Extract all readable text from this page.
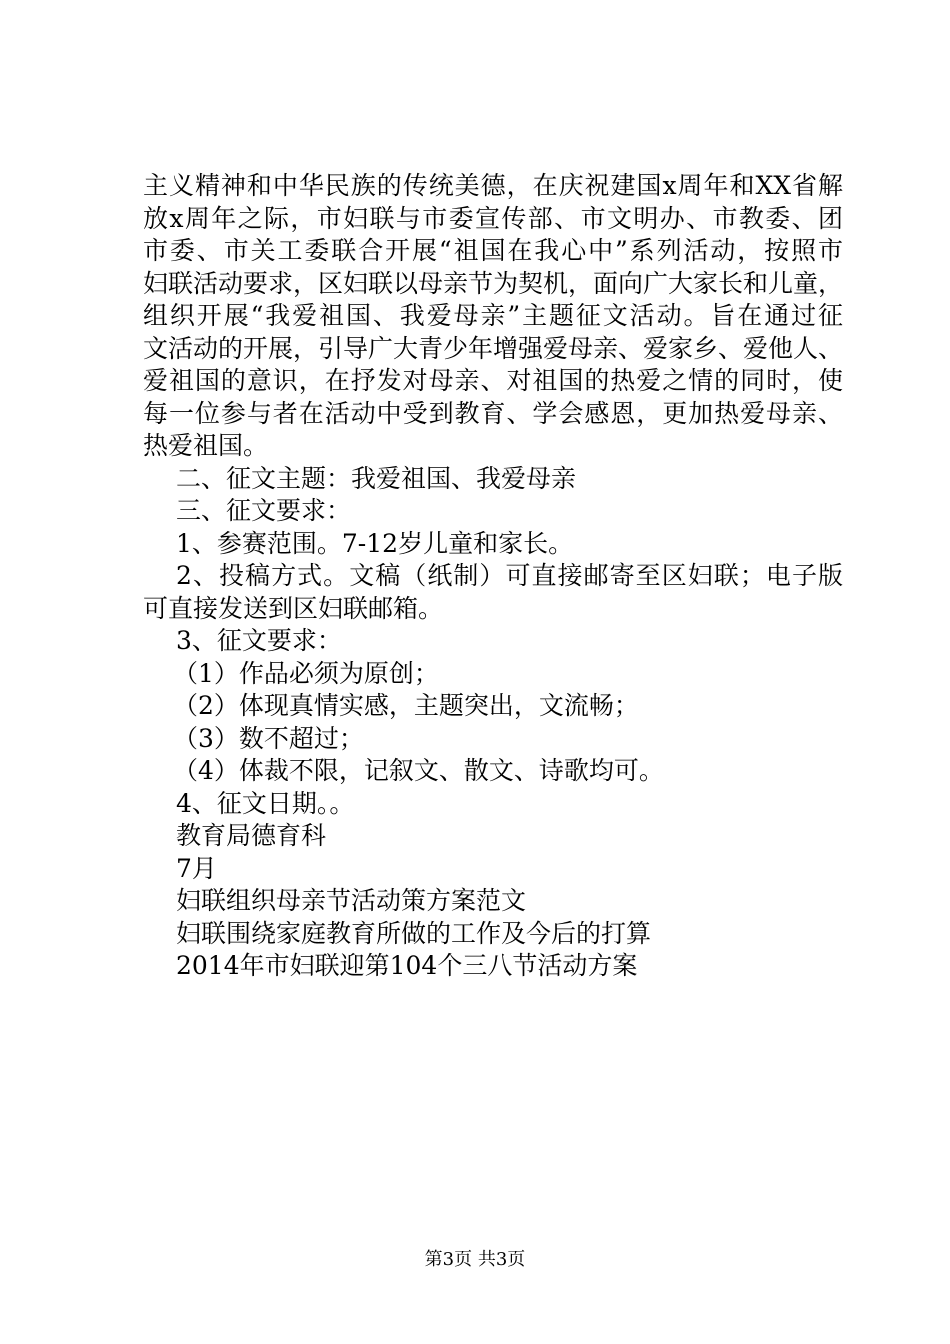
主义精神和中华民族的传统美德，在庆祝建国x周年和XX省解
放x周年之际，市妇联与市委宣传部、市文明办、市教委、团
市委、市关工委联合开展“祖国在我心中”系列活动，按照市
妇联活动要求，区妇联以母亲节为契机，面向广大家长和儿童，
组织开展“我爱祖国、我爱母亲”主题征文活动。旨在通过征
文活动的开展，引导广大青少年增强爱母亲、爱家乡、爱他人、
爱祖国的意识，在抒发对母亲、对祖国的热爱之情的同时，使
每一位参与者在活动中受到教育、学会感恩，更加热爱母亲、
热爱祖国。
二、征文主题：我爱祖国、我爱母亲
三、征文要求：
1、参赛范围。7-12岁儿童和家长。
2、投稿方式。文稿（纸制）可直接邮寄至区妇联；电子版
可直接发送到区妇联邮箱。
3、征文要求：
（1）作品必须为原创；
（2）体现真情实感，主题突出，文流畅；
（3）数不超过；
（4）体裁不限，记叙文、散文、诗歌均可。
4、征文日期。。
教育局德育科
7月
妇联组织母亲节活动策方案范文
妇联围绕家庭教育所做的工作及今后的打算
2014年市妇联迎第104个三八节活动方案
第3页 共3页
